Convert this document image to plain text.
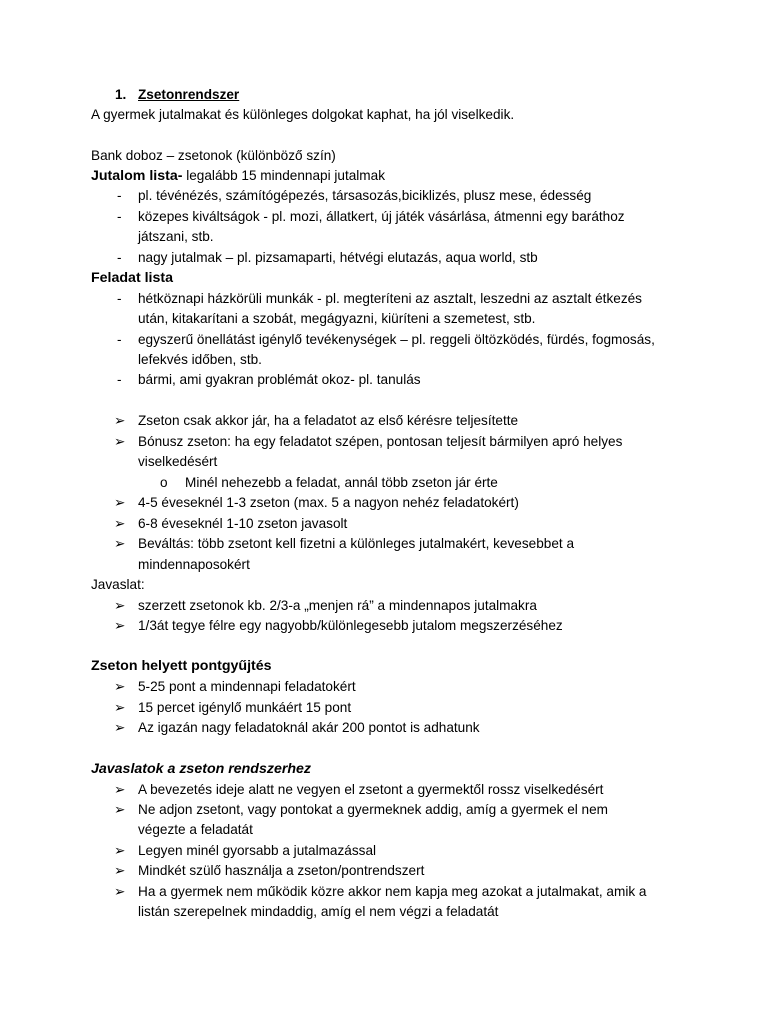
1. Zsetonrendszer
A gyermek jutalmakat és különleges dolgokat kaphat, ha jól viselkedik.
Bank doboz – zsetonok (különböző szín)
Jutalom lista- legalább 15 mindennapi jutalmak
- pl. tévénézés, számítógépezés, társasozás,biciklizés, plusz mese, édesség
- közepes kiváltságok - pl. mozi, állatkert, új játék vásárlása, átmenni egy baráthoz
játszani, stb.
- nagy jutalmak – pl. pizsamaparti, hétvégi elutazás, aqua world, stb
Feladat lista
- hétköznapi házkörüli munkák - pl. megteríteni az asztalt, leszedni az asztalt étkezés
után, kitakarítani a szobát, megágyazni, kiüríteni a szemetest, stb.
- egyszerű önellátást igénylő tevékenységek – pl. reggeli öltözködés, fürdés, fogmosás,
lefekvés időben, stb.
- bármi, ami gyakran problémát okoz- pl. tanulás
➢ Zseton csak akkor jár, ha a feladatot az első kérésre teljesítette
➢ Bónusz zseton: ha egy feladatot szépen, pontosan teljesít bármilyen apró helyes
viselkedésért
o Minél nehezebb a feladat, annál több zseton jár érte
➢ 4-5 éveseknél 1-3 zseton (max. 5 a nagyon nehéz feladatokért)
➢ 6-8 éveseknél 1-10 zseton javasolt
➢ Beváltás: több zsetont kell fizetni a különleges jutalmakért, kevesebbet a
mindennaposokért
Javaslat:
➢ szerzett zsetonok kb. 2/3-a „menjen rá” a mindennapos jutalmakra
➢ 1/3át tegye félre egy nagyobb/különlegesebb jutalom megszerzéséhez
Zseton helyett pontgyűjtés
➢ 5-25 pont a mindennapi feladatokért
➢ 15 percet igénylő munkáért 15 pont
➢ Az igazán nagy feladatoknál akár 200 pontot is adhatunk
Javaslatok a zseton rendszerhez
➢ A bevezetés ideje alatt ne vegyen el zsetont a gyermektől rossz viselkedésért
➢ Ne adjon zsetont, vagy pontokat a gyermeknek addig, amíg a gyermek el nem
végezte a feladatát
➢ Legyen minél gyorsabb a jutalmazással
➢ Mindkét szülő használja a zseton/pontrendszert
➢ Ha a gyermek nem működik közre akkor nem kapja meg azokat a jutalmakat, amik a
listán szerepelnek mindaddig, amíg el nem végzi a feladatát
